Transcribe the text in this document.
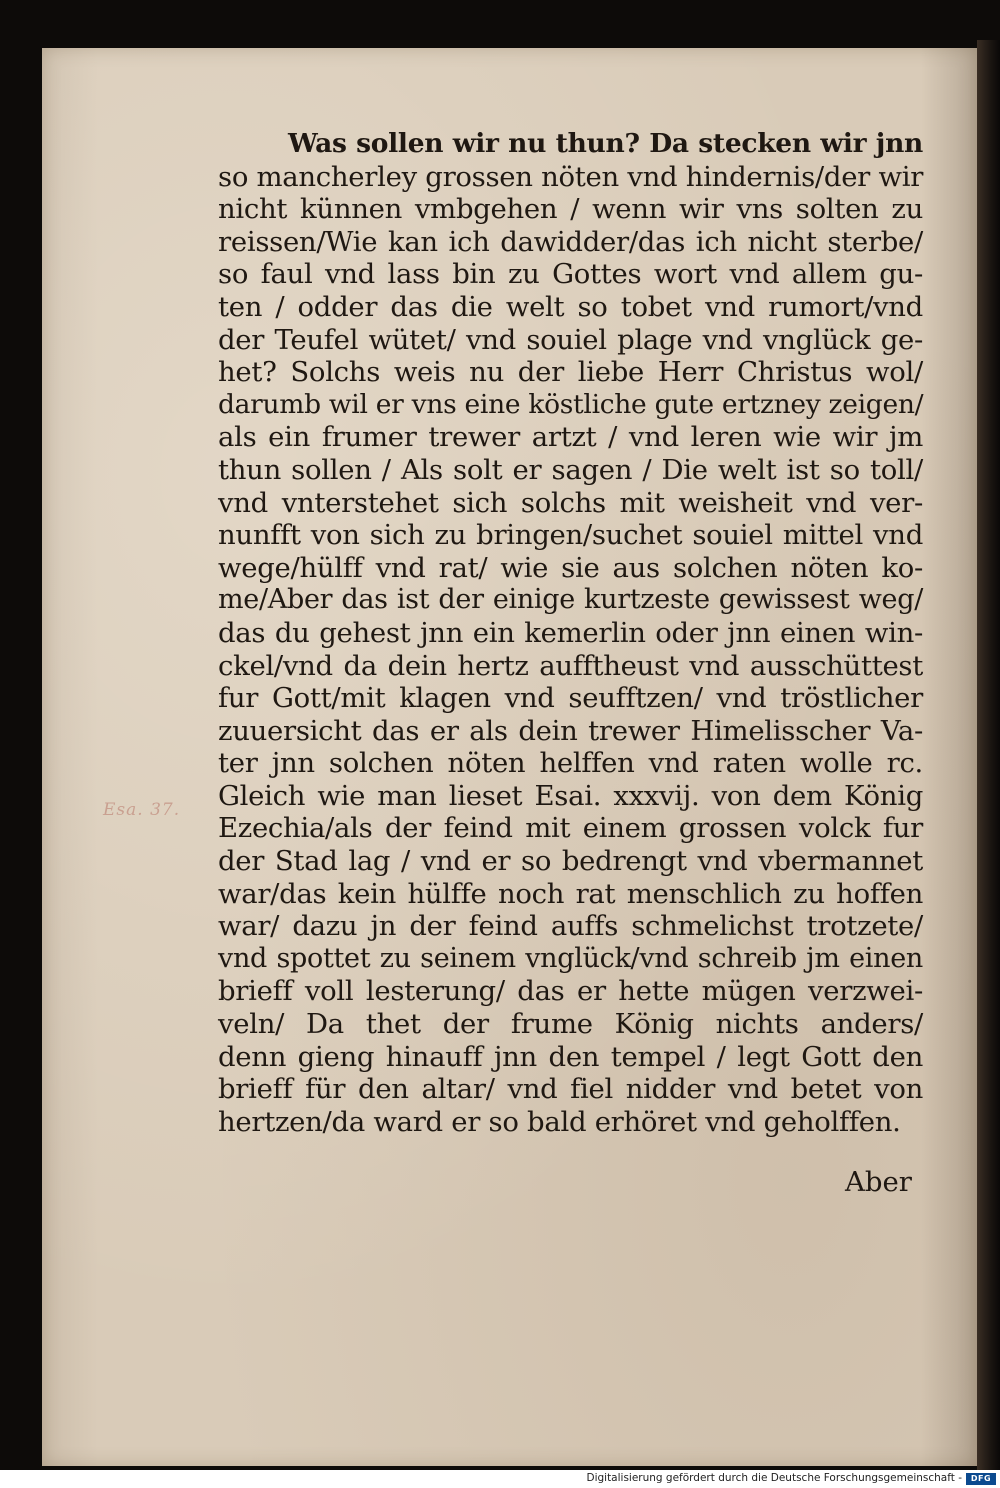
Esa. 37.
Was sollen wir nu thun? Da stecken wir jnn
so mancherley grossen nöten vnd hindernis/der wir
nicht künnen vmbgehen / wenn wir vns solten zu
reissen/Wie kan ich dawidder/das ich nicht sterbe/
so faul vnd lass bin zu Gottes wort vnd allem gu-
ten / odder das die welt so tobet vnd rumort/vnd
der Teufel wütet/ vnd souiel plage vnd vnglück ge-
het? Solchs weis nu der liebe Herr Christus wol/
darumb wil er vns eine köstliche gute ertzney zeigen/
als ein frumer trewer artzt / vnd leren wie wir jm
thun sollen / Als solt er sagen / Die welt ist so toll/
vnd vnterstehet sich solchs mit weisheit vnd ver-
nunfft von sich zu bringen/suchet souiel mittel vnd
wege/hülff vnd rat/ wie sie aus solchen nöten ko-
me/Aber das ist der einige kurtzeste gewissest weg/
das du gehest jnn ein kemerlin oder jnn einen win-
ckel/vnd da dein hertz aufftheust vnd ausschüttest
fur Gott/mit klagen vnd seufftzen/ vnd tröstlicher
zuuersicht das er als dein trewer Himelisscher Va-
ter jnn solchen nöten helffen vnd raten wolle rc.
Gleich wie man lieset Esai. xxxvij. von dem König
Ezechia/als der feind mit einem grossen volck fur
der Stad lag / vnd er so bedrengt vnd vbermannet
war/das kein hülffe noch rat menschlich zu hoffen
war/ dazu jn der feind auffs schmelichst trotzete/
vnd spottet zu seinem vnglück/vnd schreib jm einen
brieff voll lesterung/ das er hette mügen verzwei-
veln/ Da thet der frume König nichts anders/
denn gieng hinauff jnn den tempel / legt Gott den
brieff für den altar/ vnd fiel nidder vnd betet von
hertzen/da ward er so bald erhöret vnd geholffen.
Aber
Digitalisierung gefördert durch die Deutsche Forschungsgemeinschaft -	DFG
